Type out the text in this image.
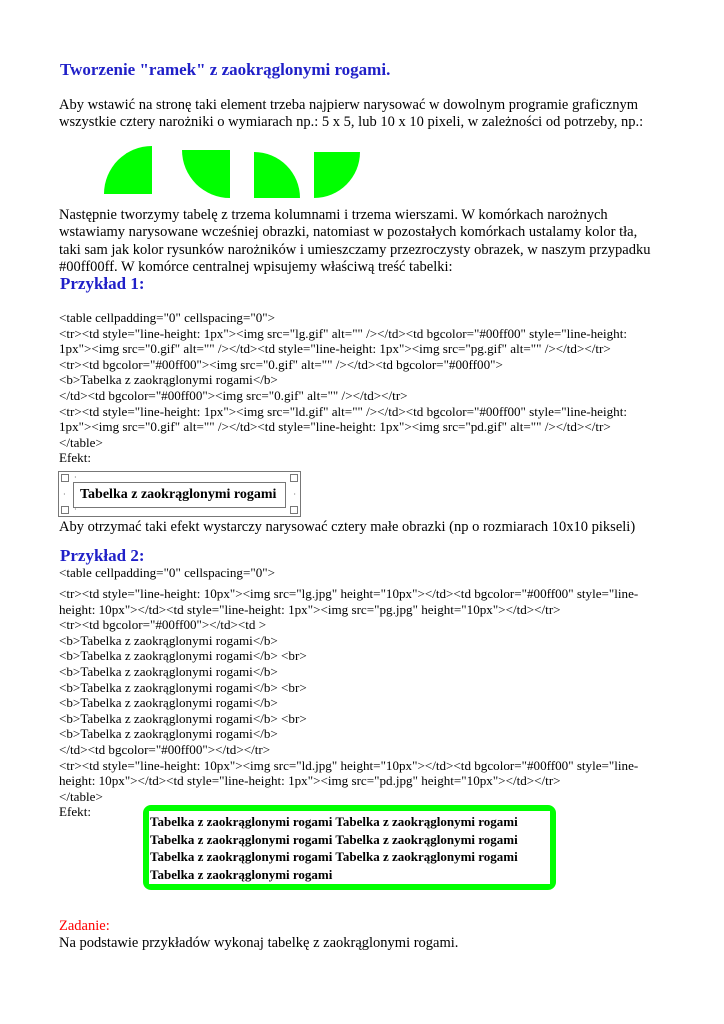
Tworzenie "ramek" z zaokrąglonymi rogami.
Aby wstawić na stronę taki element trzeba najpierw narysować w dowolnym programie graficznym
wszystkie cztery narożniki o wymiarach np.: 5 x 5, lub 10 x 10 pixeli, w zależności od potrzeby, np.:
Następnie tworzymy tabelę z trzema kolumnami i trzema wierszami. W komórkach narożnych
wstawiamy narysowane wcześniej obrazki, natomiast w pozostałych komórkach ustalamy kolor tła,
taki sam jak kolor rysunków narożników i umieszczamy przezroczysty obrazek, w naszym przypadku
#00ff00ff. W komórce centralnej wpisujemy właściwą treść tabelki:
Przykład 1:
<table cellpadding="0" cellspacing="0">
<tr><td style="line-height: 1px"><img src="lg.gif" alt="" /></td><td bgcolor="#00ff00" style="line-height:
1px"><img src="0.gif" alt="" /></td><td style="line-height: 1px"><img src="pg.gif" alt="" /></td></tr>
<tr><td bgcolor="#00ff00"><img src="0.gif" alt="" /></td><td bgcolor="#00ff00">
<b>Tabelka z zaokrąglonymi rogami</b>
</td><td bgcolor="#00ff00"><img src="0.gif" alt="" /></td></tr>
<tr><td style="line-height: 1px"><img src="ld.gif" alt="" /></td><td bgcolor="#00ff00" style="line-height:
1px"><img src="0.gif" alt="" /></td><td style="line-height: 1px"><img src="pd.gif" alt="" /></td></tr>
</table>
Efekt:
·
·	·
·
Tabelka z zaokrąglonymi rogami
Aby otrzymać taki efekt wystarczy narysować cztery małe obrazki (np o rozmiarach 10x10 pikseli)
Przykład 2:
<table cellpadding="0" cellspacing="0">
<tr><td style="line-height: 10px"><img src="lg.jpg" height="10px"></td><td bgcolor="#00ff00" style="line-
height: 10px"></td><td style="line-height: 1px"><img src="pg.jpg" height="10px"></td></tr>
<tr><td bgcolor="#00ff00"></td><td >
<b>Tabelka z zaokrąglonymi rogami</b>
<b>Tabelka z zaokrąglonymi rogami</b> <br>
<b>Tabelka z zaokrąglonymi rogami</b>
<b>Tabelka z zaokrąglonymi rogami</b> <br>
<b>Tabelka z zaokrąglonymi rogami</b>
<b>Tabelka z zaokrąglonymi rogami</b> <br>
<b>Tabelka z zaokrąglonymi rogami</b>
</td><td bgcolor="#00ff00"></td></tr>
<tr><td style="line-height: 10px"><img src="ld.jpg" height="10px"></td><td bgcolor="#00ff00" style="line-
height: 10px"></td><td style="line-height: 1px"><img src="pd.jpg" height="10px"></td></tr>
</table>
Efekt:
Tabelka z zaokrąglonymi rogami Tabelka z zaokrąglonymi rogami
Tabelka z zaokrąglonymi rogami Tabelka z zaokrąglonymi rogami
Tabelka z zaokrąglonymi rogami Tabelka z zaokrąglonymi rogami
Tabelka z zaokrąglonymi rogami
Zadanie:
Na podstawie przykładów wykonaj tabelkę z zaokrąglonymi rogami.
